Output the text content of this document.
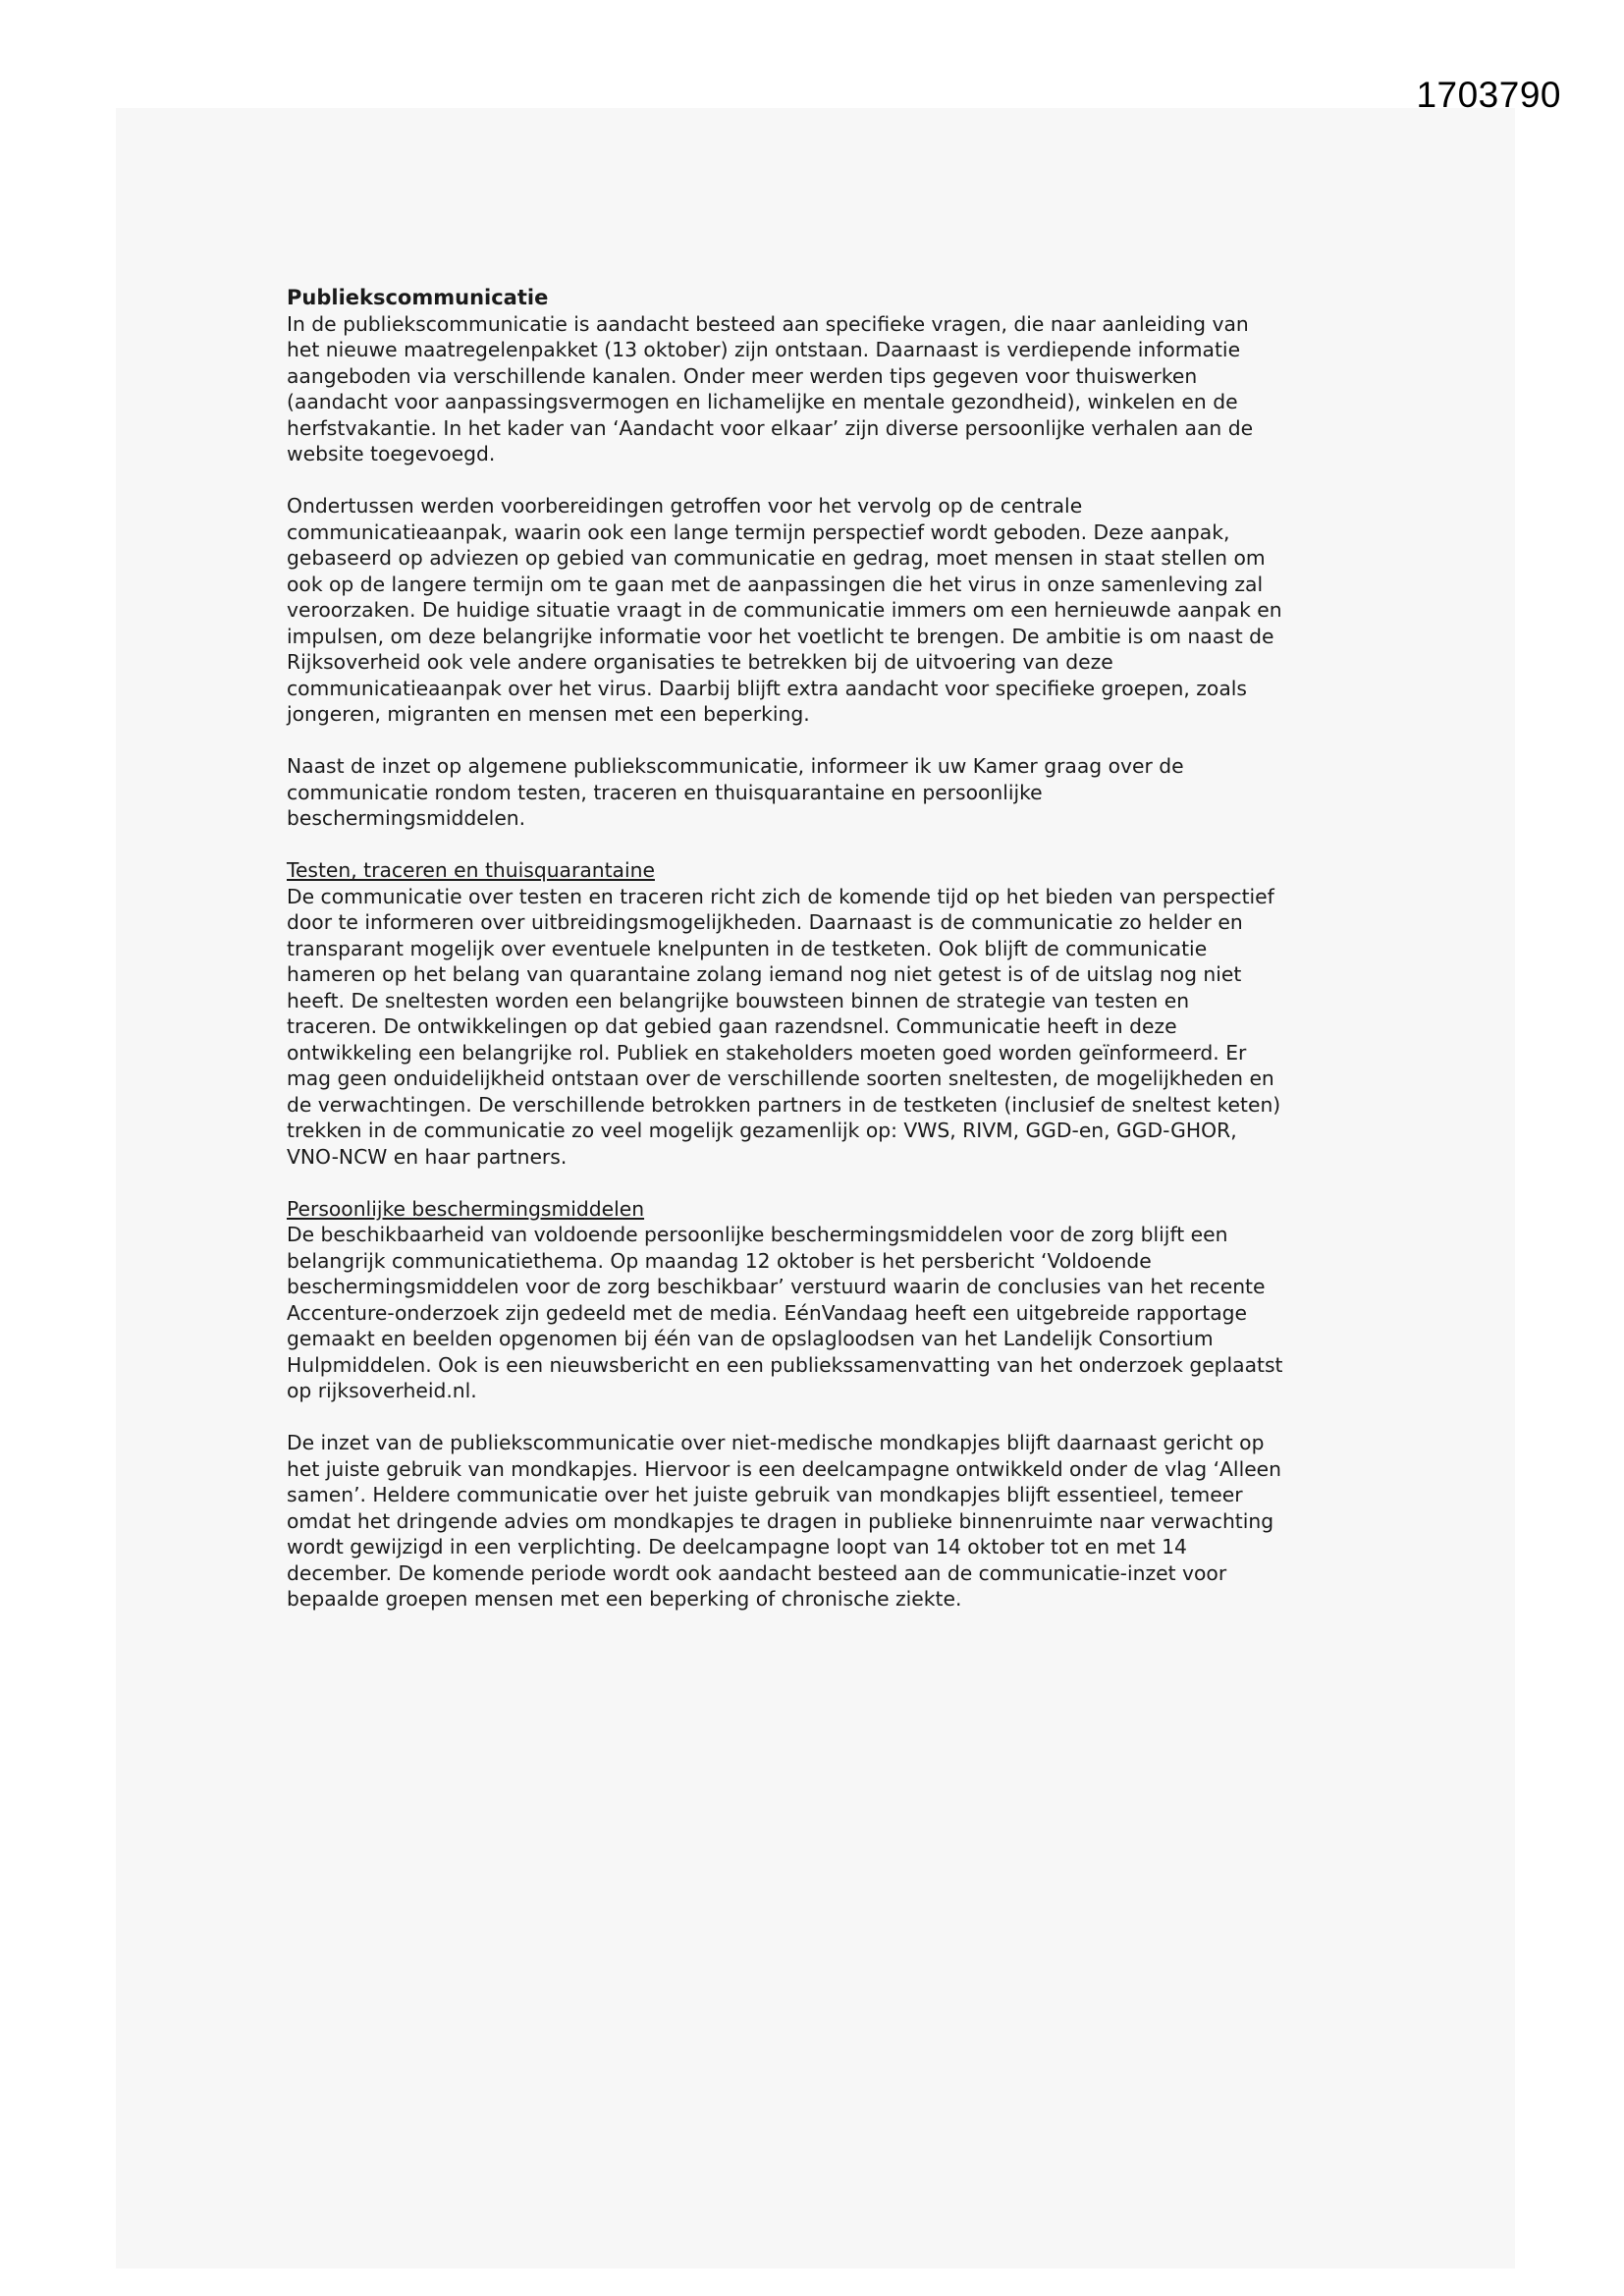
1703790

Publiekscommunicatie

In de publiekscommunicatie is aandacht besteed aan specifieke vragen, die naar aanleiding van
het nieuwe maatregelenpakket (13 oktober) zijn ontstaan. Daarnaast is verdiepende informatie
aangeboden via verschillende kanalen. Onder meer werden tips gegeven voor thuiswerken
(aandacht voor aanpassingsvermogen en lichamelijke en mentale gezondheid), winkelen en de
herfstvakantie. In het kader van ‘Aandacht voor elkaar’ zijn diverse persoonlijke verhalen aan de
website toegevoegd.

Ondertussen werden voorbereidingen getroffen voor het vervolg op de centrale
communicatieaanpak, waarin ook een lange termijn perspectief wordt geboden. Deze aanpak,
gebaseerd op adviezen op gebied van communicatie en gedrag, moet mensen in staat stellen om
ook op de langere termijn om te gaan met de aanpassingen die het virus in onze samenleving zal
veroorzaken. De huidige situatie vraagt in de communicatie immers om een hernieuwde aanpak en
impulsen, om deze belangrijke informatie voor het voetlicht te brengen. De ambitie is om naast de
Rijksoverheid ook vele andere organisaties te betrekken bij de uitvoering van deze
communicatieaanpak over het virus. Daarbij blijft extra aandacht voor specifieke groepen, zoals
jongeren, migranten en mensen met een beperking.

Naast de inzet op algemene publiekscommunicatie, informeer ik uw Kamer graag over de
communicatie rondom testen, traceren en thuisquarantaine en persoonlijke
beschermingsmiddelen.

Testen, traceren en thuisquarantaine

De communicatie over testen en traceren richt zich de komende tijd op het bieden van perspectief
door te informeren over uitbreidingsmogelijkheden. Daarnaast is de communicatie zo helder en
transparant mogelijk over eventuele knelpunten in de testketen. Ook blijft de communicatie
hameren op het belang van quarantaine zolang iemand nog niet getest is of de uitslag nog niet
heeft. De sneltesten worden een belangrijke bouwsteen binnen de strategie van testen en
traceren. De ontwikkelingen op dat gebied gaan razendsnel. Communicatie heeft in deze
ontwikkeling een belangrijke rol. Publiek en stakeholders moeten goed worden geïnformeerd. Er
mag geen onduidelijkheid ontstaan over de verschillende soorten sneltesten, de mogelijkheden en
de verwachtingen. De verschillende betrokken partners in de testketen (inclusief de sneltest keten)
trekken in de communicatie zo veel mogelijk gezamenlijk op: VWS, RIVM, GGD-en, GGD-GHOR,
VNO-NCW en haar partners.

Persoonlijke beschermingsmiddelen

De beschikbaarheid van voldoende persoonlijke beschermingsmiddelen voor de zorg blijft een
belangrijk communicatiethema. Op maandag 12 oktober is het persbericht ‘Voldoende
beschermingsmiddelen voor de zorg beschikbaar’ verstuurd waarin de conclusies van het recente
Accenture-onderzoek zijn gedeeld met de media. EénVandaag heeft een uitgebreide rapportage
gemaakt en beelden opgenomen bij één van de opslagloodsen van het Landelijk Consortium
Hulpmiddelen. Ook is een nieuwsbericht en een publiekssamenvatting van het onderzoek geplaatst
op rijksoverheid.nl.

De inzet van de publiekscommunicatie over niet-medische mondkapjes blijft daarnaast gericht op
het juiste gebruik van mondkapjes. Hiervoor is een deelcampagne ontwikkeld onder de vlag ‘Alleen
samen’. Heldere communicatie over het juiste gebruik van mondkapjes blijft essentieel, temeer
omdat het dringende advies om mondkapjes te dragen in publieke binnenruimte naar verwachting
wordt gewijzigd in een verplichting. De deelcampagne loopt van 14 oktober tot en met 14
december. De komende periode wordt ook aandacht besteed aan de communicatie-inzet voor
bepaalde groepen mensen met een beperking of chronische ziekte.
